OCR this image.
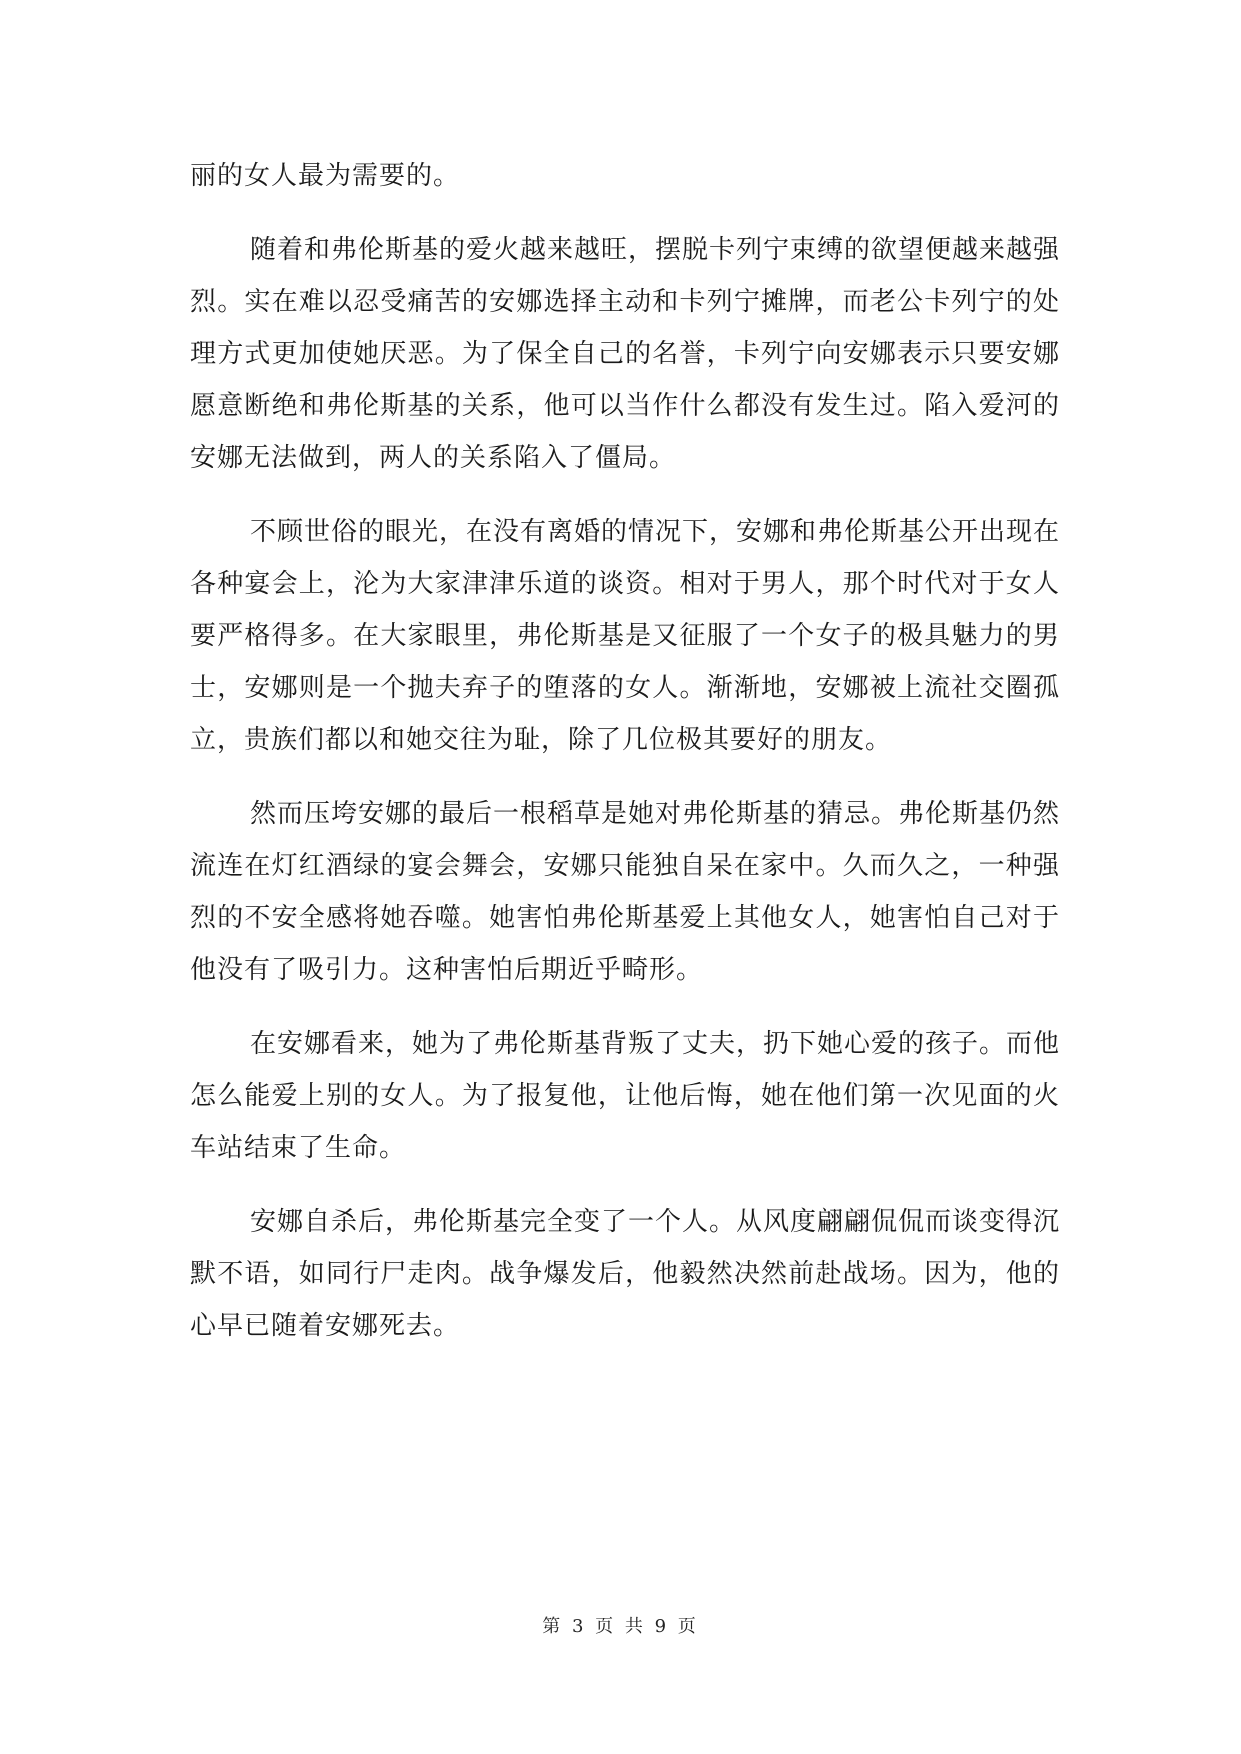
丽的女人最为需要的。

随着和弗伦斯基的爱火越来越旺，摆脱卡列宁束缚的欲望便越来越强烈。实在难以忍受痛苦的安娜选择主动和卡列宁摊牌，而老公卡列宁的处理方式更加使她厌恶。为了保全自己的名誉，卡列宁向安娜表示只要安娜愿意断绝和弗伦斯基的关系，他可以当作什么都没有发生过。陷入爱河的安娜无法做到，两人的关系陷入了僵局。

不顾世俗的眼光，在没有离婚的情况下，安娜和弗伦斯基公开出现在各种宴会上，沦为大家津津乐道的谈资。相对于男人，那个时代对于女人要严格得多。在大家眼里，弗伦斯基是又征服了一个女子的极具魅力的男士，安娜则是一个抛夫弃子的堕落的女人。渐渐地，安娜被上流社交圈孤立，贵族们都以和她交往为耻，除了几位极其要好的朋友。

然而压垮安娜的最后一根稻草是她对弗伦斯基的猜忌。弗伦斯基仍然流连在灯红酒绿的宴会舞会，安娜只能独自呆在家中。久而久之，一种强烈的不安全感将她吞噬。她害怕弗伦斯基爱上其他女人，她害怕自己对于他没有了吸引力。这种害怕后期近乎畸形。

在安娜看来，她为了弗伦斯基背叛了丈夫，扔下她心爱的孩子。而他怎么能爱上别的女人。为了报复他，让他后悔，她在他们第一次见面的火车站结束了生命。

安娜自杀后，弗伦斯基完全变了一个人。从风度翩翩侃侃而谈变得沉默不语，如同行尸走肉。战争爆发后，他毅然决然前赴战场。因为，他的心早已随着安娜死去。

第 3 页 共 9 页
